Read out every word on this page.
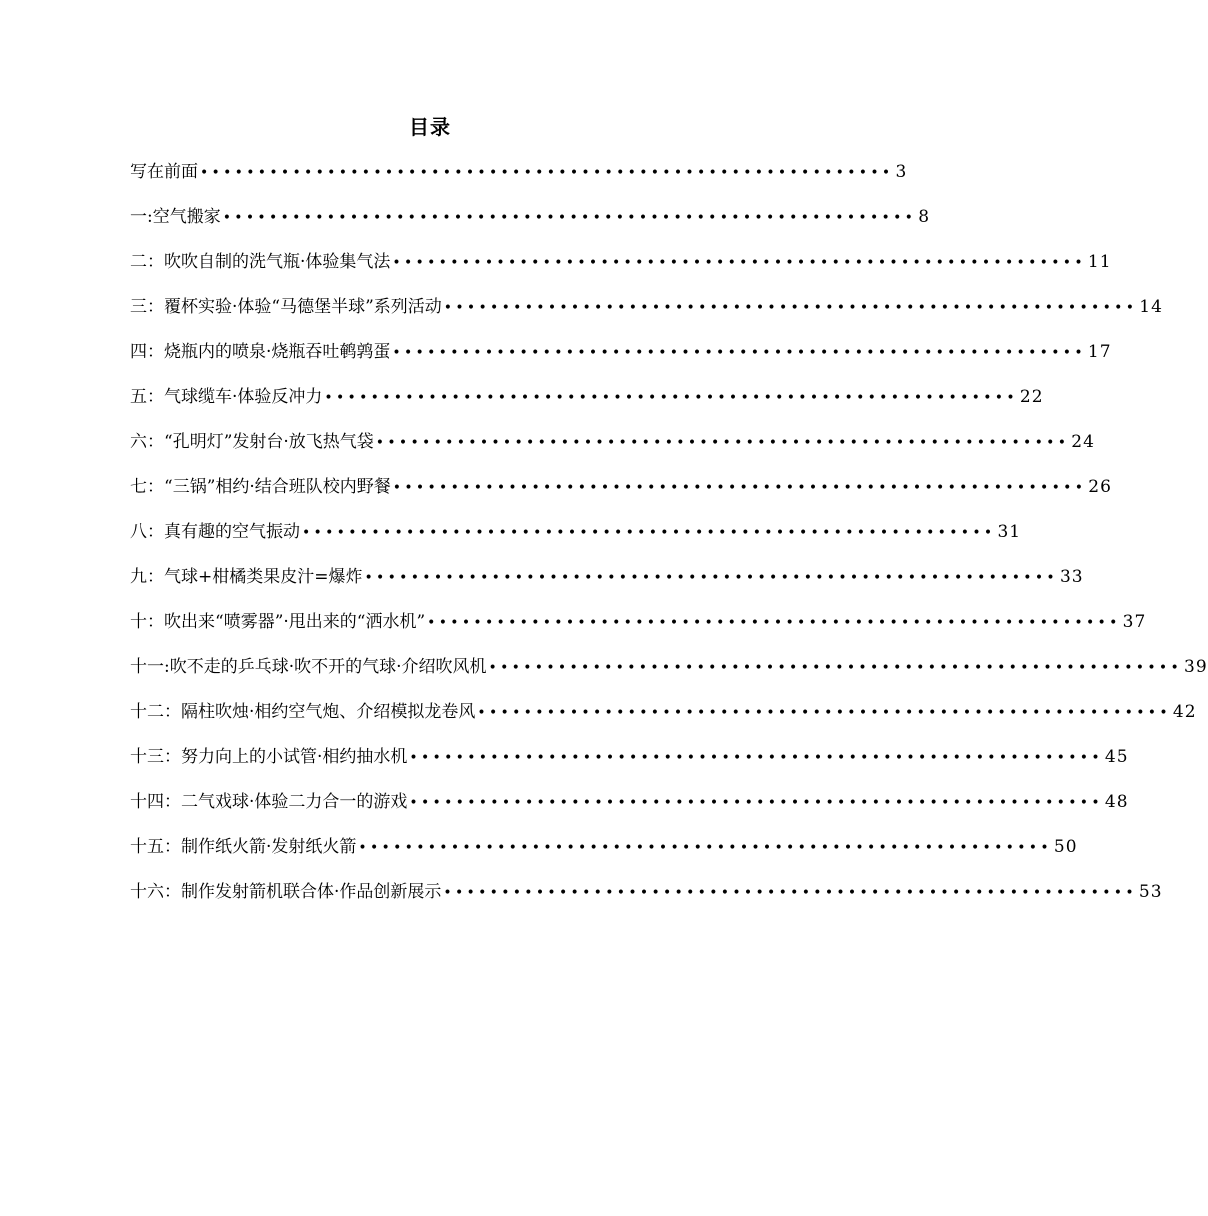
目录
写在前面 •••••••••••••••••••••••••••••••••••••••••••••••••••••••••••• 3
一:空气搬家 •••••••••••••••••••••••••••••••••••••••••••••••••••••••••••• 8
二：吹吹自制的洗气瓶·体验集气法 •••••••••••••••••••••••••••••••••••••••••••••••••••••••••••• 11
三：覆杯实验·体验“马德堡半球”系列活动 •••••••••••••••••••••••••••••••••••••••••••••••••••••••••••• 14
四：烧瓶内的喷泉·烧瓶吞吐鹌鹑蛋 •••••••••••••••••••••••••••••••••••••••••••••••••••••••••••• 17
五：气球缆车·体验反冲力 •••••••••••••••••••••••••••••••••••••••••••••••••••••••••••• 22
六：“孔明灯”发射台·放飞热气袋 •••••••••••••••••••••••••••••••••••••••••••••••••••••••••••• 24
七：“三锅”相约·结合班队校内野餐 •••••••••••••••••••••••••••••••••••••••••••••••••••••••••••• 26
八：真有趣的空气振动 •••••••••••••••••••••••••••••••••••••••••••••••••••••••••••• 31
九：气球+柑橘类果皮汁=爆炸 •••••••••••••••••••••••••••••••••••••••••••••••••••••••••••• 33
十：吹出来“喷雾器”·甩出来的“洒水机” •••••••••••••••••••••••••••••••••••••••••••••••••••••••••••• 37
十一:吹不走的乒乓球·吹不开的气球·介绍吹风机 •••••••••••••••••••••••••••••••••••••••••••••••••••••••••••• 39
十二：隔柱吹烛·相约空气炮、介绍模拟龙卷风 •••••••••••••••••••••••••••••••••••••••••••••••••••••••••••• 42
十三：努力向上的小试管·相约抽水机 •••••••••••••••••••••••••••••••••••••••••••••••••••••••••••• 45
十四：二气戏球·体验二力合一的游戏 •••••••••••••••••••••••••••••••••••••••••••••••••••••••••••• 48
十五：制作纸火箭·发射纸火箭 •••••••••••••••••••••••••••••••••••••••••••••••••••••••••••• 50
十六：制作发射箭机联合体·作品创新展示 •••••••••••••••••••••••••••••••••••••••••••••••••••••••••••• 53
